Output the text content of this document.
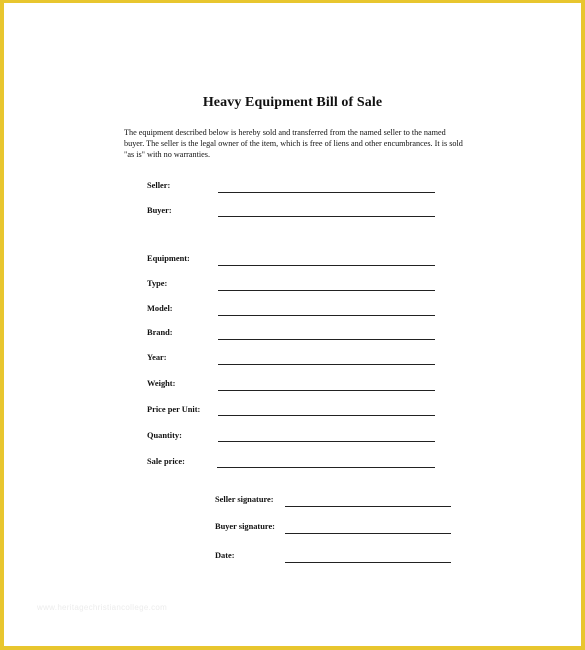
Heavy Equipment Bill of Sale
The equipment described below is hereby sold and transferred from the named seller to the named buyer. The seller is the legal owner of the item, which is free of liens and other encumbrances. It is sold "as is" with no warranties.
Seller:
Buyer:
Equipment:
Type:
Model:
Brand:
Year:
Weight:
Price per Unit:
Quantity:
Sale price:
Seller signature:
Buyer signature:
Date:
www.heritagechristiancollege.com
